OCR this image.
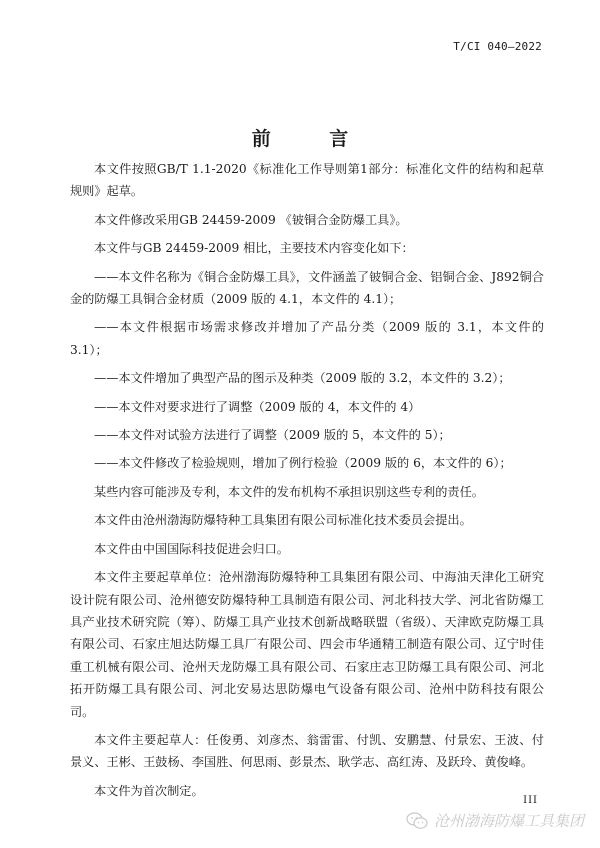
T/CI 040—2022
前 言

本文件按照GB/T 1.1-2020《标准化工作导则第1部分：标准化文件的结构和起草规则》起草。

本文件修改采用GB 24459-2009 《铍铜合金防爆工具》。

本文件与GB 24459-2009 相比，主要技术内容变化如下：

——本文件名称为《铜合金防爆工具》，文件涵盖了铍铜合金、铝铜合金、J892铜合金的防爆工具铜合金材质（2009 版的 4.1，本文件的 4.1）；

——本文件根据市场需求修改并增加了产品分类（2009 版的 3.1，本文件的 3.1）；

——本文件增加了典型产品的图示及种类（2009 版的 3.2，本文件的 3.2）；

——本文件对要求进行了调整（2009 版的 4，本文件的 4）

——本文件对试验方法进行了调整（2009 版的 5，本文件的 5）；

——本文件修改了检验规则，增加了例行检验（2009 版的 6，本文件的 6）；

某些内容可能涉及专利，本文件的发布机构不承担识别这些专利的责任。

本文件由沧州渤海防爆特种工具集团有限公司标准化技术委员会提出。

本文件由中国国际科技促进会归口。

本文件主要起草单位：沧州渤海防爆特种工具集团有限公司、中海油天津化工研究设计院有限公司、沧州德安防爆特种工具制造有限公司、河北科技大学、河北省防爆工具产业技术研究院（筹）、防爆工具产业技术创新战略联盟（省级）、天津欧克防爆工具有限公司、石家庄旭达防爆工具厂有限公司、四会市华通精工制造有限公司、辽宁时佳重工机械有限公司、沧州天龙防爆工具有限公司、石家庄志卫防爆工具有限公司、河北拓开防爆工具有限公司、河北安易达思防爆电气设备有限公司、沧州中防科技有限公司。

本文件主要起草人：任俊勇、刘彦杰、翁雷雷、付凯、安鹏慧、付景宏、王波、付景义、王彬、王鼓杨、李国胜、何思雨、彭景杰、耿学志、高红涛、及跃玲、黄俊峰。

本文件为首次制定。

III
沧州渤海防爆工具集团
